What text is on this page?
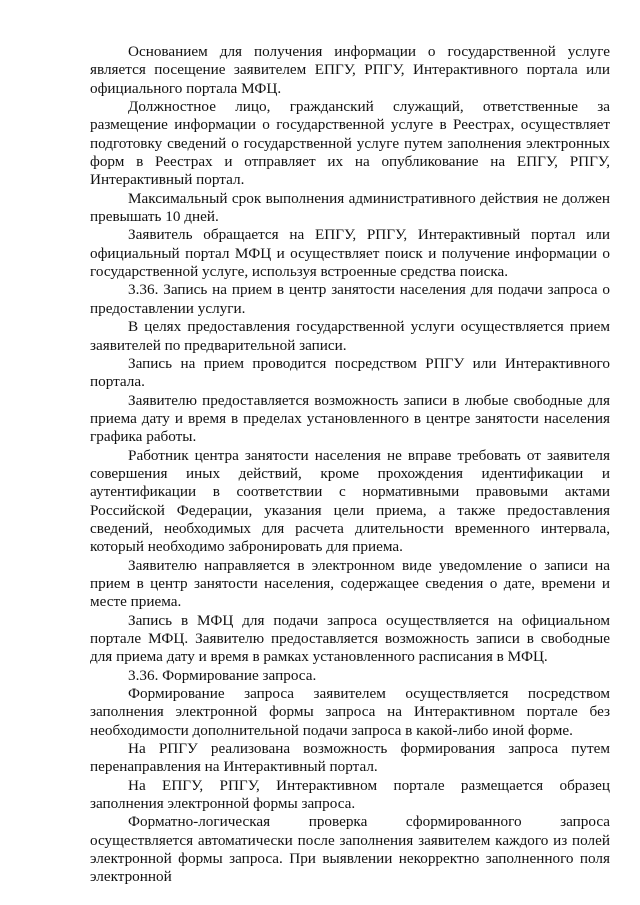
Основанием для получения информации о государственной услуге является посещение заявителем ЕПГУ, РПГУ, Интерактивного портала или официального портала МФЦ.

Должностное лицо, гражданский служащий, ответственные за размещение информации о государственной услуге в Реестрах, осуществляет подготовку сведений о государственной услуге путем заполнения электронных форм в Реестрах и отправляет их на опубликование на ЕПГУ, РПГУ, Интерактивный портал.

Максимальный срок выполнения административного действия не должен превышать 10 дней.

Заявитель обращается на ЕПГУ, РПГУ, Интерактивный портал или официальный портал МФЦ и осуществляет поиск и получение информации о государственной услуге, используя встроенные средства поиска.

3.36. Запись на прием в центр занятости населения для подачи запроса о предоставлении услуги.

В целях предоставления государственной услуги осуществляется прием заявителей по предварительной записи.

Запись на прием проводится посредством РПГУ или Интерактивного портала.

Заявителю предоставляется возможность записи в любые свободные для приема дату и время в пределах установленного в центре занятости населения графика работы.

Работник центра занятости населения не вправе требовать от заявителя совершения иных действий, кроме прохождения идентификации и аутентификации в соответствии с нормативными правовыми актами Российской Федерации, указания цели приема, а также предоставления сведений, необходимых для расчета длительности временного интервала, который необходимо забронировать для приема.

Заявителю направляется в электронном виде уведомление о записи на прием в центр занятости населения, содержащее сведения о дате, времени и месте приема.

Запись в МФЦ для подачи запроса осуществляется на официальном портале МФЦ. Заявителю предоставляется возможность записи в свободные для приема дату и время в рамках установленного расписания в МФЦ.

3.36. Формирование запроса.

Формирование запроса заявителем осуществляется посредством заполнения электронной формы запроса на Интерактивном портале без необходимости дополнительной подачи запроса в какой-либо иной форме.

На РПГУ реализована возможность формирования запроса путем перенаправления на Интерактивный портал.

На ЕПГУ, РПГУ, Интерактивном портале размещается образец заполнения электронной формы запроса.

Форматно-логическая проверка сформированного запроса осуществляется автоматически после заполнения заявителем каждого из полей электронной формы запроса. При выявлении некорректно заполненного поля электронной
